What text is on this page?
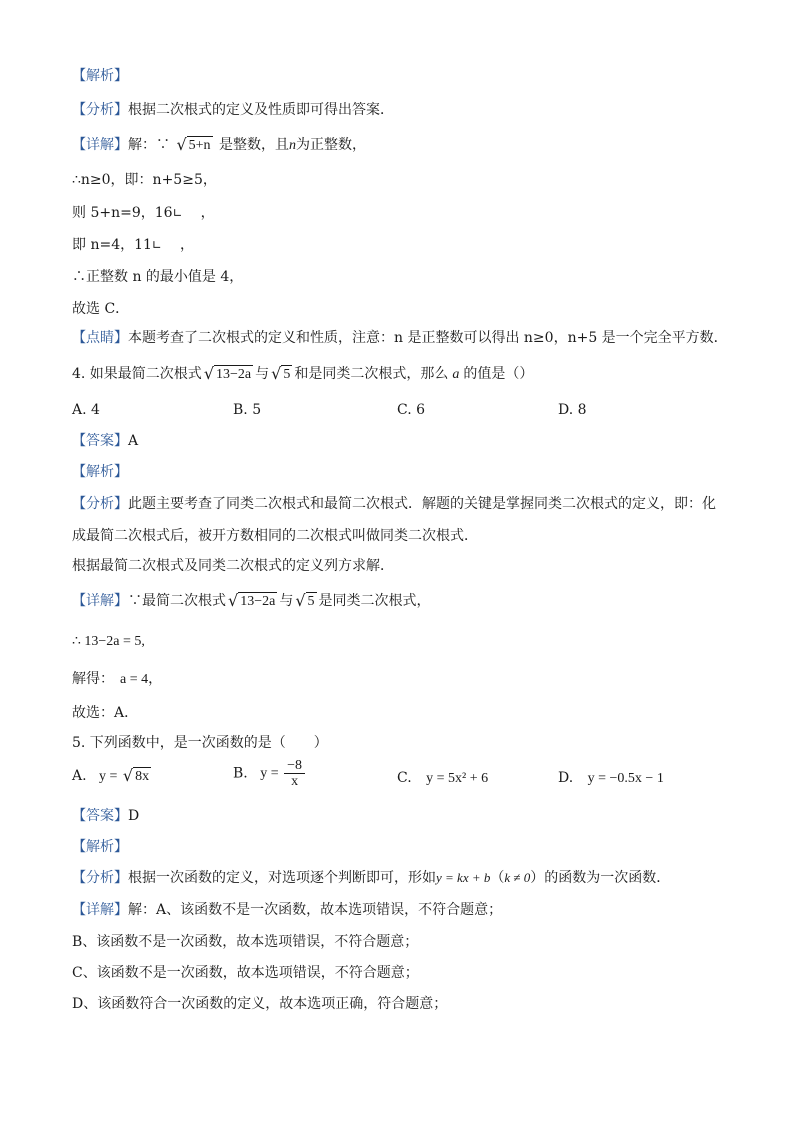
【解析】
【分析】根据二次根式的定义及性质即可得出答案．
【详解】解：∵ √ 5+n 是整数，且n为正整数，
∴n≥0，即：n+5≥5，
则 5+n=9，16∟ ，
即 n=4，11∟ ，
∴正整数 n 的最小值是 4，
故选 C．
【点睛】本题考查了二次根式的定义和性质，注意：n 是正整数可以得出 n≥0，n+5 是一个完全平方数．
4. 如果最简二次根式 √ 13−2a 与 √ 5 和是同类二次根式，那么 a 的值是（）
A. 4	B. 5	C. 6	D. 8
【答案】A
【解析】
【分析】此题主要考查了同类二次根式和最简二次根式．解题的关键是掌握同类二次根式的定义，即：化
成最简二次根式后，被开方数相同的二次根式叫做同类二次根式．
根据最简二次根式及同类二次根式的定义列方求解．
【详解】∵最简二次根式 √ 13−2a 与 √ 5 是同类二次根式，
∴ 13−2a = 5,
解得： a = 4，
故选：A．
5. 下列函数中，是一次函数的是（　　）
A. y = √ 8x	B. $y = \frac{-8}{x}$	C. y = 5x² + 6	D. y = −0.5x − 1
【答案】D
【解析】
【分析】根据一次函数的定义，对选项逐个判断即可，形如y = kx + b（k ≠ 0）的函数为一次函数．
【详解】解：A、该函数不是一次函数，故本选项错误，不符合题意；
B、该函数不是一次函数，故本选项错误，不符合题意；
C、该函数不是一次函数，故本选项错误，不符合题意；
D、该函数符合一次函数的定义，故本选项正确，符合题意；
